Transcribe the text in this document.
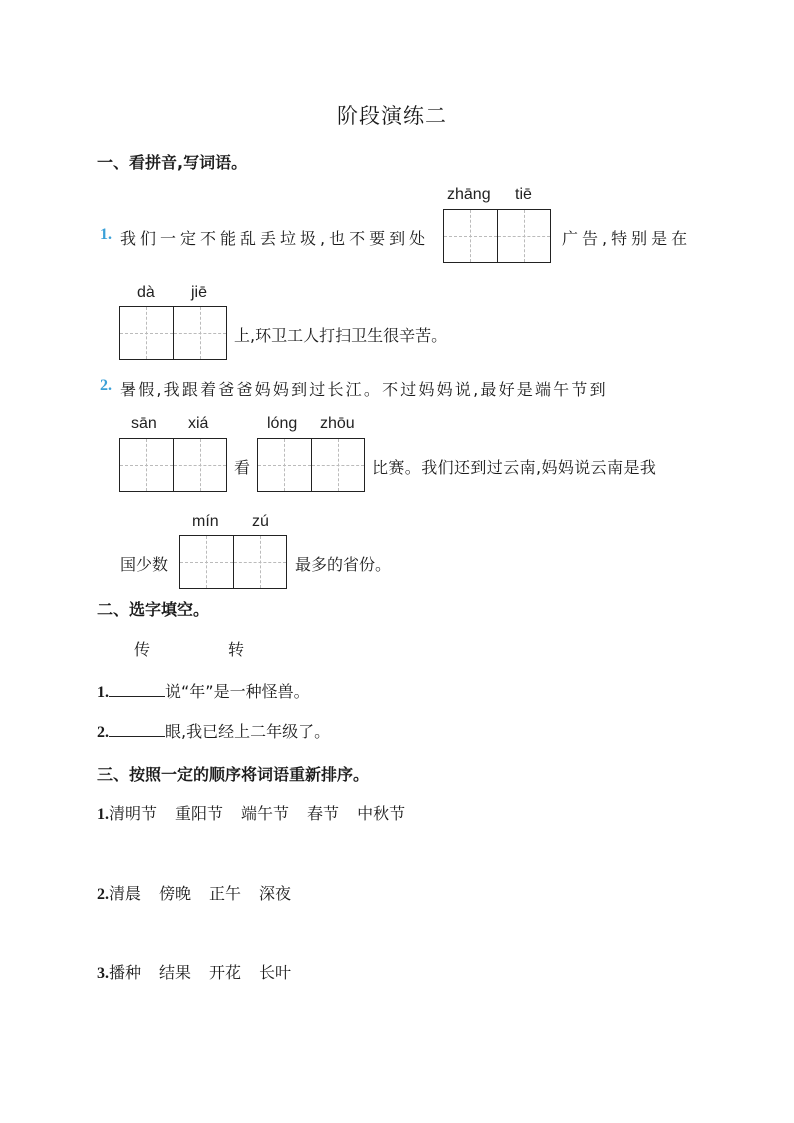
阶段演练二
一、看拼音,写词语。
zhāng tiē
1. 我们一定不能乱丢垃圾,也不要到处	广告,特别是在
dà jiē
上,环卫工人打扫卫生很辛苦。
2. 暑假,我跟着爸爸妈妈到过长江。不过妈妈说,最好是端午节到
sān xiá	lóng zhōu
看	比赛。我们还到过云南,妈妈说云南是我
mín zú
国少数	最多的省份。
二、选字填空。
传	转
1.	说“年”是一种怪兽。
2.	眼,我已经上二年级了。
三、按照一定的顺序将词语重新排序。
1.清明节 重阳节 端午节 春节 中秋节
2.清晨 傍晚 正午 深夜
3.播种 结果 开花 长叶
